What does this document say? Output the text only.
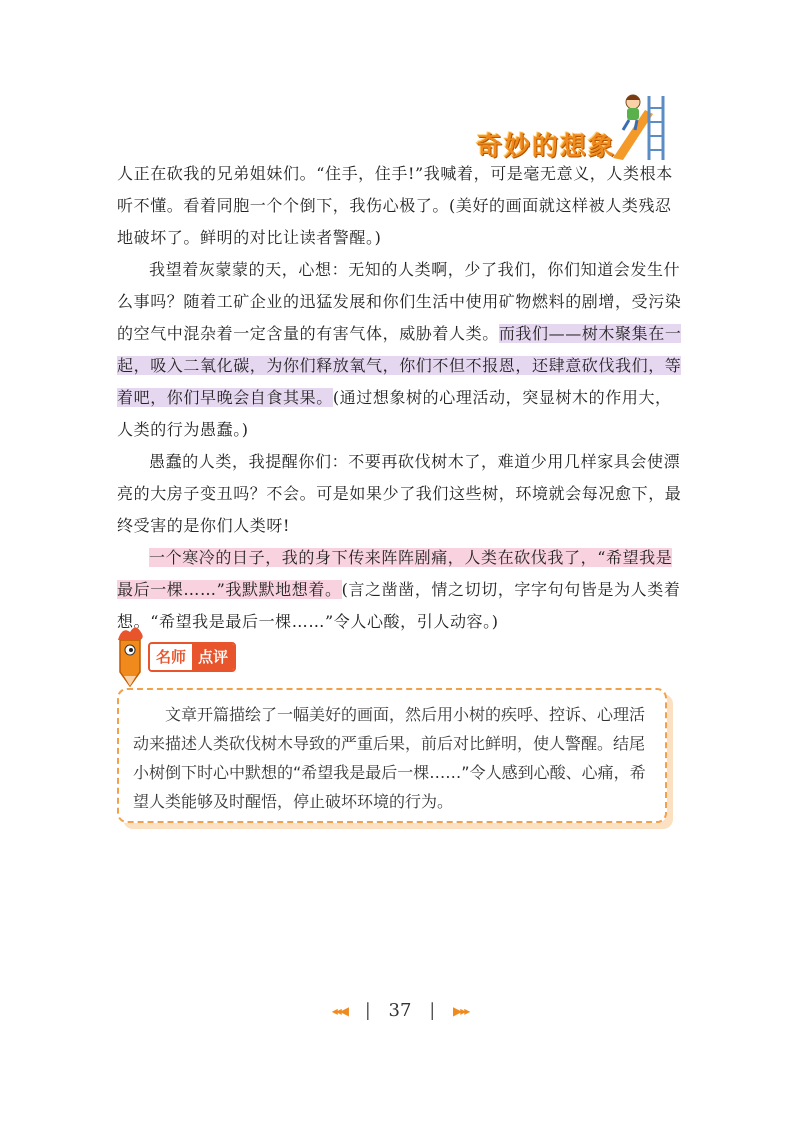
奇妙的想象

人正在砍我的兄弟姐妹们。“住手，住手!”我喊着，可是毫无意义，人类根本听不懂。看着同胞一个个倒下，我伤心极了。(美好的画面就这样被人类残忍地破坏了。鲜明的对比让读者警醒。)

我望着灰蒙蒙的天，心想：无知的人类啊，少了我们，你们知道会发生什么事吗？随着工矿企业的迅猛发展和你们生活中使用矿物燃料的剧增，受污染的空气中混杂着一定含量的有害气体，威胁着人类。而我们——树木聚集在一起，吸入二氧化碳，为你们释放氧气，你们不但不报恩，还肆意砍伐我们，等着吧，你们早晚会自食其果。(通过想象树的心理活动，突显树木的作用大，人类的行为愚蠢。)

愚蠢的人类，我提醒你们：不要再砍伐树木了，难道少用几样家具会使漂亮的大房子变丑吗？不会。可是如果少了我们这些树，环境就会每况愈下，最终受害的是你们人类呀!

一个寒冷的日子，我的身下传来阵阵剧痛，人类在砍伐我了，“希望我是最后一棵……”我默默地想着。(言之凿凿，情之切切，字字句句皆是为人类着想。“希望我是最后一棵……”令人心酸，引人动容。)

名师 点评

文章开篇描绘了一幅美好的画面，然后用小树的疾呼、控诉、心理活动来描述人类砍伐树木导致的严重后果，前后对比鲜明，使人警醒。结尾小树倒下时心中默想的“希望我是最后一棵……”令人感到心酸、心痛，希望人类能够及时醒悟，停止破坏环境的行为。

◂◂◀ | 37 | ▶▸▸
